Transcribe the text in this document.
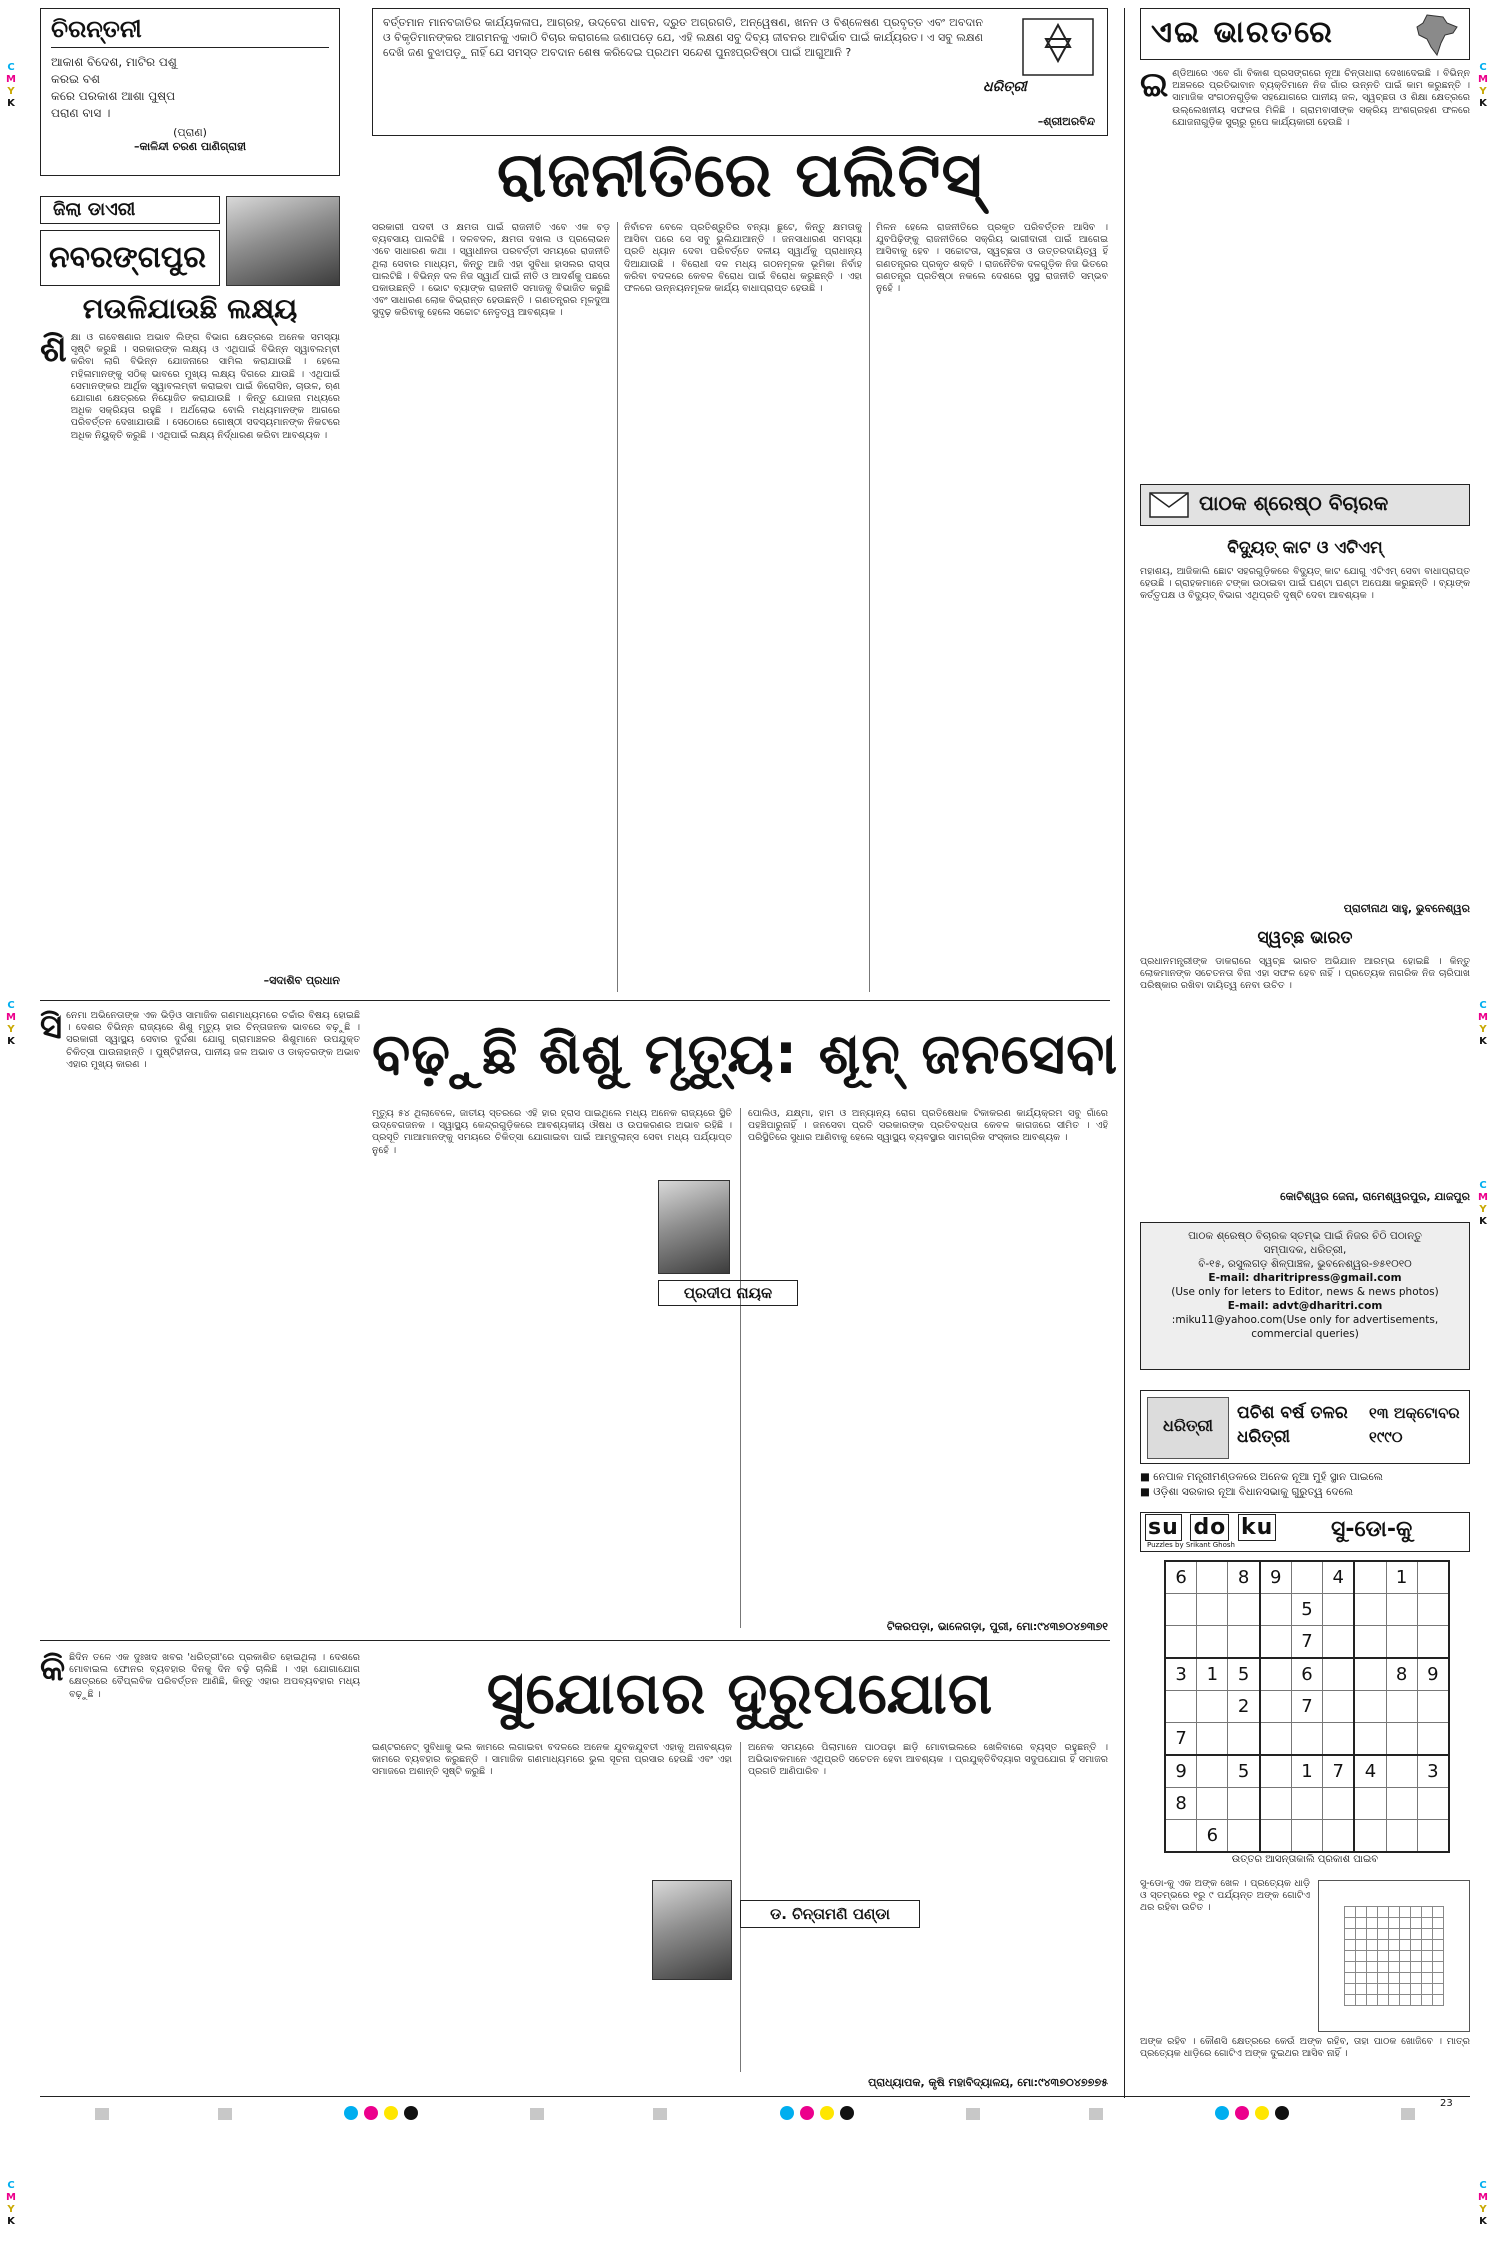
C
M
Y
K
C
M
Y
K
C
M
Y
K
C
M
Y
K
C
M
Y
K
C
M
Y
K
C
M
Y
K
ଚିରନ୍ତନୀ
ଆକାଶ ବିଦେଶ, ମାଟିର ପଶୁ
କରଇ ବଶ
କରେ ପରକାଶ ଆଶା ପୁଷ୍ପ
ପରାଣ ବାସ ।
(ପ୍ରାଣ)
–କାଳିନ୍ଦୀ ଚରଣ ପାଣିଗ୍ରାହୀ
ବର୍ତ୍ତମାନ ମାନବଜାତିର କାର୍ଯ୍ୟକଳାପ, ଆଗ୍ରହ, ଉଦ୍ବେଗ ଧାବନ, ଦ୍ରୁତ ଅଗ୍ରଗତି, ଅନ୍ୱେଷଣ, ଖନନ ଓ ବିଶ୍ଳେଷଣ ପ୍ରବୃତ୍ତ ଏବଂ ଅବଦାନ ଓ ବିକୃତିମାନଙ୍କର ଆଗମନକୁ ଏକାଠି ବିଚାର କରାଗଲେ ଜଣାପଡ଼େ ଯେ, ଏହି ଲକ୍ଷଣ ସବୁ ଦିବ୍ୟ ଜୀବନର ଆବିର୍ଭାବ ପାଇଁ କାର୍ଯ୍ୟରତ। ଏ ସବୁ ଲକ୍ଷଣ ଦେଖି ଜଣ ବୁଝାପଡ଼ୁ ନାହିଁ ଯେ ସମସ୍ତ ଅବଦାନ ଶେଷ କରିଦେଇ ପ୍ରଥମ ସନ୍ଦେଶ ପୁନଃପ୍ରତିଷ୍ଠା ପାଇଁ ଆଗୁଆନି ?
ଧରିତ୍ରୀ
–ଶ୍ରୀଅରବିନ୍ଦ
ରାଜନୀତିରେ ପଲିଟିସ୍
ଜିଲା ଡାଏରୀ
ନବରଙ୍ଗପୁର
ମଉଳିଯାଉଛି ଲକ୍ଷ୍ୟ
ଶି କ୍ଷା ଓ ଗବେଷଣାର ଅଭାବ ଲିଙ୍ଗ ବିଭାଗ କ୍ଷେତ୍ରରେ ଅନେକ ସମସ୍ୟା ସୃଷ୍ଟି କରୁଛି । ସରକାରଙ୍କ ଲକ୍ଷ୍ୟ ଓ ଏଥିପାଇଁ ବିଭିନ୍ନ ସ୍ୱାବଲମ୍ବୀ କରିବା ଲାଗି ବିଭିନ୍ନ ଯୋଜନାରେ ସାମିଲ କରାଯାଉଛି । ହେଲେ ମହିଳାମାନଙ୍କୁ ସଠିକ୍ ଭାବରେ ମୁଖ୍ୟ ଲକ୍ଷ୍ୟ ଦିଗରେ ଯାଉଛି । ଏଥିପାଇଁ ସେମାନଙ୍କର ଆର୍ଥିକ ସ୍ୱାବଲମ୍ବୀ କରାଇବା ପାଇଁ କିରୋସିନ, ଚାଉଳ, ଋଣ ଯୋଗାଣ କ୍ଷେତ୍ରରେ ନିୟୋଜିତ କରାଯାଉଛି । କିନ୍ତୁ ଯୋଜନା ମଧ୍ୟରେ ଅଧିକ ସକ୍ରିୟତା ରହୁଛି । ଅର୍ଥଲୋଭ ବୋଲି ମଧ୍ୟମାନଙ୍କ ଆଗରେ ପରିବର୍ତ୍ତନ ଦେଖାଯାଉଛି । ସେଠୋରେ ଗୋଷ୍ଠୀ ସଦସ୍ୟମାନଙ୍କ ନିକଟରେ ଅଧିକ ନିୟୁକ୍ତି କରୁଛି । ଏଥିପାଇଁ ଲକ୍ଷ୍ୟ ନିର୍ଦ୍ଧାରଣ କରିବା ଆବଶ୍ୟକ ।
–ସଦାଶିବ ପ୍ରଧାନ
ସରକାରୀ ପଦବୀ ଓ କ୍ଷମତା ପାଇଁ ରାଜନୀତି ଏବେ ଏକ ବଡ଼ ବ୍ୟବସାୟ ପାଲଟିଛି । ଦଳବଦଳ, କ୍ଷମତା ଦଖଲ ଓ ପ୍ରଲୋଭନ ଏବେ ସାଧାରଣ କଥା । ସ୍ୱାଧୀନତା ପରବର୍ତ୍ତୀ ସମୟରେ ରାଜନୀତି ଥିଲା ସେବାର ମାଧ୍ୟମ, କିନ୍ତୁ ଆଜି ଏହା ସୁବିଧା ହାସଲର ରାସ୍ତା ପାଲଟିଛି । ବିଭିନ୍ନ ଦଳ ନିଜ ସ୍ୱାର୍ଥ ପାଇଁ ନୀତି ଓ ଆଦର୍ଶକୁ ପଛରେ ପକାଉଛନ୍ତି । ଭୋଟ ବ୍ୟାଙ୍କ ରାଜନୀତି ସମାଜକୁ ବିଭାଜିତ କରୁଛି ଏବଂ ସାଧାରଣ ଲୋକ ବିଭ୍ରାନ୍ତ ହେଉଛନ୍ତି । ଗଣତନ୍ତ୍ରର ମୂଳଦୁଆ ସୁଦୃଢ଼ କରିବାକୁ ହେଲେ ସଚ୍ଚୋଟ ନେତୃତ୍ୱ ଆବଶ୍ୟକ ।
ନିର୍ବାଚନ ବେଳେ ପ୍ରତିଶ୍ରୁତିର ବନ୍ୟା ଛୁଟେ, କିନ୍ତୁ କ୍ଷମତାକୁ ଆସିବା ପରେ ସେ ସବୁ ଭୁଲିଯାଆନ୍ତି । ଜନସାଧାରଣ ସମସ୍ୟା ପ୍ରତି ଧ୍ୟାନ ଦେବା ପରିବର୍ତ୍ତେ ଦଳୀୟ ସ୍ୱାର୍ଥକୁ ପ୍ରାଧାନ୍ୟ ଦିଆଯାଉଛି । ବିରୋଧୀ ଦଳ ମଧ୍ୟ ଗଠନମୂଳକ ଭୂମିକା ନିର୍ବାହ କରିବା ବଦଳରେ କେବଳ ବିରୋଧ ପାଇଁ ବିରୋଧ କରୁଛନ୍ତି । ଏହା ଫଳରେ ଉନ୍ନୟନମୂଳକ କାର୍ଯ୍ୟ ବାଧାପ୍ରାପ୍ତ ହେଉଛି ।
ମିଳନ ହେଲେ ରାଜନୀତିରେ ପ୍ରକୃତ ପରିବର୍ତ୍ତନ ଆସିବ । ଯୁବପିଢ଼ିଙ୍କୁ ରାଜନୀତିରେ ସକ୍ରିୟ ଭାଗୀଦାରୀ ପାଇଁ ଆଗେଇ ଆସିବାକୁ ହେବ । ସଚ୍ଚୋଟତା, ସ୍ୱଚ୍ଛତା ଓ ଉତ୍ତରଦାୟିତ୍ୱ ହିଁ ଗଣତନ୍ତ୍ରର ପ୍ରକୃତ ଶକ୍ତି । ରାଜନୈତିକ ଦଳଗୁଡ଼ିକ ନିଜ ଭିତରେ ଗଣତନ୍ତ୍ର ପ୍ରତିଷ୍ଠା ନକଲେ ଦେଶରେ ସୁସ୍ଥ ରାଜନୀତି ସମ୍ଭବ ନୁହେଁ ।
ଏଇ ଭାରତରେ
ଇ ଣ୍ଡିଆରେ ଏବେ ଗାଁ ବିକାଶ ପ୍ରସଙ୍ଗରେ ନୂଆ ଚିନ୍ତାଧାରା ଦେଖାଦେଇଛି । ବିଭିନ୍ନ ଅଞ୍ଚଳରେ ପ୍ରତିଭାବାନ ବ୍ୟକ୍ତିମାନେ ନିଜ ଗାଁର ଉନ୍ନତି ପାଇଁ କାମ କରୁଛନ୍ତି । ସାମାଜିକ ସଂଗଠନଗୁଡ଼ିକ ସହଯୋଗରେ ପାନୀୟ ଜଳ, ସ୍ୱଚ୍ଛତା ଓ ଶିକ୍ଷା କ୍ଷେତ୍ରରେ ଉଲ୍ଲେଖନୀୟ ସଫଳତା ମିଳିଛି । ଗ୍ରାମବାସୀଙ୍କ ସକ୍ରିୟ ଅଂଶଗ୍ରହଣ ଫଳରେ ଯୋଜନାଗୁଡ଼ିକ ସୁଚାରୁ ରୂପେ କାର୍ଯ୍ୟକାରୀ ହେଉଛି ।
ପାଠକ ଶ୍ରେଷ୍ଠ ବିଚାରକ
ବିଦ୍ୟୁତ୍ କାଟ ଓ ଏଟିଏମ୍
ମହାଶୟ, ଆଜିକାଲି ଛୋଟ ସହରଗୁଡ଼ିକରେ ବିଦ୍ୟୁତ୍ କାଟ ଯୋଗୁ ଏଟିଏମ୍ ସେବା ବାଧାପ୍ରାପ୍ତ ହେଉଛି । ଗ୍ରାହକମାନେ ଟଙ୍କା ଉଠାଇବା ପାଇଁ ଘଣ୍ଟା ଘଣ୍ଟା ଅପେକ୍ଷା କରୁଛନ୍ତି । ବ୍ୟାଙ୍କ କର୍ତ୍ତୃପକ୍ଷ ଓ ବିଦ୍ୟୁତ୍ ବିଭାଗ ଏଥିପ୍ରତି ଦୃଷ୍ଟି ଦେବା ଆବଶ୍ୟକ ।
ପ୍ରାଚୀନାଥ ସାହୁ, ଭୁବନେଶ୍ୱର
ସ୍ୱଚ୍ଛ ଭାରତ
ପ୍ରଧାନମନ୍ତ୍ରୀଙ୍କ ଡାକରାରେ ସ୍ୱଚ୍ଛ ଭାରତ ଅଭିଯାନ ଆରମ୍ଭ ହୋଇଛି । କିନ୍ତୁ ଲୋକମାନଙ୍କ ସଚେତନତା ବିନା ଏହା ସଫଳ ହେବ ନାହିଁ । ପ୍ରତ୍ୟେକ ନାଗରିକ ନିଜ ଚାରିପାଖ ପରିଷ୍କାର ରଖିବା ଦାୟିତ୍ୱ ନେବା ଉଚିତ ।
କୋଟିଶ୍ୱର ଜେନା, ରାମେଶ୍ୱରପୁର, ଯାଜପୁର
ପାଠକ ଶ୍ରେଷ୍ଠ ବିଚାରକ ସ୍ତମ୍ଭ ପାଇଁ ନିଜର ଚିଠି ପଠାନ୍ତୁ
ସମ୍ପାଦକ, ଧରିତ୍ରୀ,
ବି-୧୫, ରସୁଲଗଡ଼ ଶିଳ୍ପାଞ୍ଚଳ, ଭୁବନେଶ୍ୱର-୭୫୧୦୧୦
E-mail: dharitripress@gmail.com
(Use only for leters to Editor, news & news photos)
E-mail: advt@dharitri.com
:miku11@yahoo.com(Use only for advertisements, commercial queries)
ଧରିତ୍ରୀ
ପଚିଶ ବର୍ଷ ତଳର ଧରିତ୍ରୀ
୧୩ ଅକ୍ଟୋବର ୧୯୯୦
■ ନେପାଳ ମନ୍ତ୍ରୀମଣ୍ଡଳରେ ଅନେକ ନୂଆ ମୁହଁ ସ୍ଥାନ ପାଇଲେ
■ ଓଡ଼ିଶା ସରକାର ନୂଆ ବିଧାନସଭାକୁ ଗୁରୁତ୍ୱ ଦେଲେ
su do ku
Puzzles by Srikant Ghosh
ସୁ-ଡୋ-କୁ
6		8	9		4		1	
				5				
				7				
3	1	5		6			8	9
		2		7				
7								
9		5		1	7	4		3
8								
	6							
ଉତ୍ତର ଆସନ୍ତାକାଲି ପ୍ରକାଶ ପାଇବ
ସୁ-ଡୋ-କୁ ଏକ ଅଙ୍କ ଖେଳ । ପ୍ରତ୍ୟେକ ଧାଡ଼ି ଓ ସ୍ତମ୍ଭରେ ୧ରୁ ୯ ପର୍ଯ୍ୟନ୍ତ ଅଙ୍କ ଗୋଟିଏ ଥର ରହିବା ଉଚିତ ।

ଅଙ୍କ ରହିବ । କୌଣସି କ୍ଷେତ୍ରରେ କେଉଁ ଅଙ୍କ ରହିବ, ତାହା ପାଠକ ଖୋଜିବେ । ମାତ୍ର ପ୍ରତ୍ୟେକ ଧାଡ଼ିରେ ଗୋଟିଏ ଅଙ୍କ ଦୁଇଥର ଆସିବ ନାହିଁ ।
ସି ନେମା ଅଭିନେତାଙ୍କ ଏକ ଭିଡ଼ିଓ ସାମାଜିକ ଗଣମାଧ୍ୟମରେ ଚର୍ଚ୍ଚାର ବିଷୟ ହୋଇଛି । ଦେଶର ବିଭିନ୍ନ ରାଜ୍ୟରେ ଶିଶୁ ମୃତ୍ୟୁ ହାର ଚିନ୍ତାଜନକ ଭାବରେ ବଢ଼ୁଛି । ସରକାରୀ ସ୍ୱାସ୍ଥ୍ୟ ସେବାର ଦୁର୍ଦ୍ଦଶା ଯୋଗୁ ଗ୍ରାମାଞ୍ଚଳର ଶିଶୁମାନେ ଉପଯୁକ୍ତ ଚିକିତ୍ସା ପାଉନାହାନ୍ତି । ପୁଷ୍ଟିହୀନତା, ପାନୀୟ ଜଳ ଅଭାବ ଓ ଡାକ୍ତରଙ୍କ ଅଭାବ ଏହାର ମୁଖ୍ୟ କାରଣ ।	ବଢ଼ୁଛି ଶିଶୁ ମୃତ୍ୟୁ: ଶୂନ୍ ଜନସେବା
ମୃତ୍ୟୁ ୫୪ ଥିଲାବେଳେ, ଜାତୀୟ ସ୍ତରରେ ଏହି ହାର ହ୍ରାସ ପାଇଥିଲେ ମଧ୍ୟ ଅନେକ ରାଜ୍ୟରେ ସ୍ଥିତି ଉଦ୍ବେଗଜନକ । ସ୍ୱାସ୍ଥ୍ୟ କେନ୍ଦ୍ରଗୁଡ଼ିକରେ ଆବଶ୍ୟକୀୟ ଔଷଧ ଓ ଉପକରଣର ଅଭାବ ରହିଛି । ପ୍ରସୂତି ମାଆମାନଙ୍କୁ ସମୟରେ ଚିକିତ୍ସା ଯୋଗାଇବା ପାଇଁ ଆମ୍ବୁଲାନ୍ସ ସେବା ମଧ୍ୟ ପର୍ଯ୍ୟାପ୍ତ ନୁହେଁ ।
ପୋଲିଓ, ଯକ୍ଷ୍ମା, ହାମ ଓ ଅନ୍ୟାନ୍ୟ ରୋଗ ପ୍ରତିଷେଧକ ଟିକାକରଣ କାର୍ଯ୍ୟକ୍ରମ ସବୁ ଗାଁରେ ପହଞ୍ଚିପାରୁନାହିଁ । ଜନସେବା ପ୍ରତି ସରକାରଙ୍କ ପ୍ରତିବଦ୍ଧତା କେବଳ କାଗଜରେ ସୀମିତ । ଏହି ପରିସ୍ଥିତିରେ ସୁଧାର ଆଣିବାକୁ ହେଲେ ସ୍ୱାସ୍ଥ୍ୟ ବ୍ୟବସ୍ଥାର ସାମଗ୍ରିକ ସଂସ୍କାର ଆବଶ୍ୟକ ।
ପ୍ରଦୀପ ନାୟକ
ଟିକରପଡ଼ା, ଭାଳେଗଡ଼ା, ପୁରୀ, ମୋ:୯୪୩୭୦୪୭୩୭୧
କି ଛିଦିନ ତଳେ ଏକ ଦୁଃଖଦ ଖବର 'ଧରିତ୍ରୀ'ରେ ପ୍ରକାଶିତ ହୋଇଥିଲା । ଦେଶରେ ମୋବାଇଲ ଫୋନର ବ୍ୟବହାର ଦିନକୁ ଦିନ ବଢ଼ି ଚାଲିଛି । ଏହା ଯୋଗାଯୋଗ କ୍ଷେତ୍ରରେ ବୈପ୍ଲବିକ ପରିବର୍ତ୍ତନ ଆଣିଛି, କିନ୍ତୁ ଏହାର ଅପବ୍ୟବହାର ମଧ୍ୟ ବଢ଼ୁଛି ।	ସୁଯୋଗର ଦୁରୁପଯୋଗ
ଇଣ୍ଟରନେଟ୍ ସୁବିଧାକୁ ଭଲ କାମରେ ଲଗାଇବା ବଦଳରେ ଅନେକ ଯୁବକଯୁବତୀ ଏହାକୁ ଅନାବଶ୍ୟକ କାମରେ ବ୍ୟବହାର କରୁଛନ୍ତି । ସାମାଜିକ ଗଣମାଧ୍ୟମରେ ଭୁଲ ସୂଚନା ପ୍ରସାର ହେଉଛି ଏବଂ ଏହା ସମାଜରେ ଅଶାନ୍ତି ସୃଷ୍ଟି କରୁଛି ।
ଅନେକ ସମୟରେ ପିଲାମାନେ ପାଠପଢ଼ା ଛାଡ଼ି ମୋବାଇଲରେ ଖେଳିବାରେ ବ୍ୟସ୍ତ ରହୁଛନ୍ତି । ଅଭିଭାବକମାନେ ଏଥିପ୍ରତି ସଚେତନ ହେବା ଆବଶ୍ୟକ । ପ୍ରଯୁକ୍ତିବିଦ୍ୟାର ସଦୁପଯୋଗ ହିଁ ସମାଜର ପ୍ରଗତି ଆଣିପାରିବ ।
ଡ. ଚିନ୍ତାମଣି ପଣ୍ଡା
ପ୍ରାଧ୍ୟାପକ, କୃଷି ମହାବିଦ୍ୟାଳୟ, ମୋ:୯୪୩୭୦୪୭୭୭୫
23
